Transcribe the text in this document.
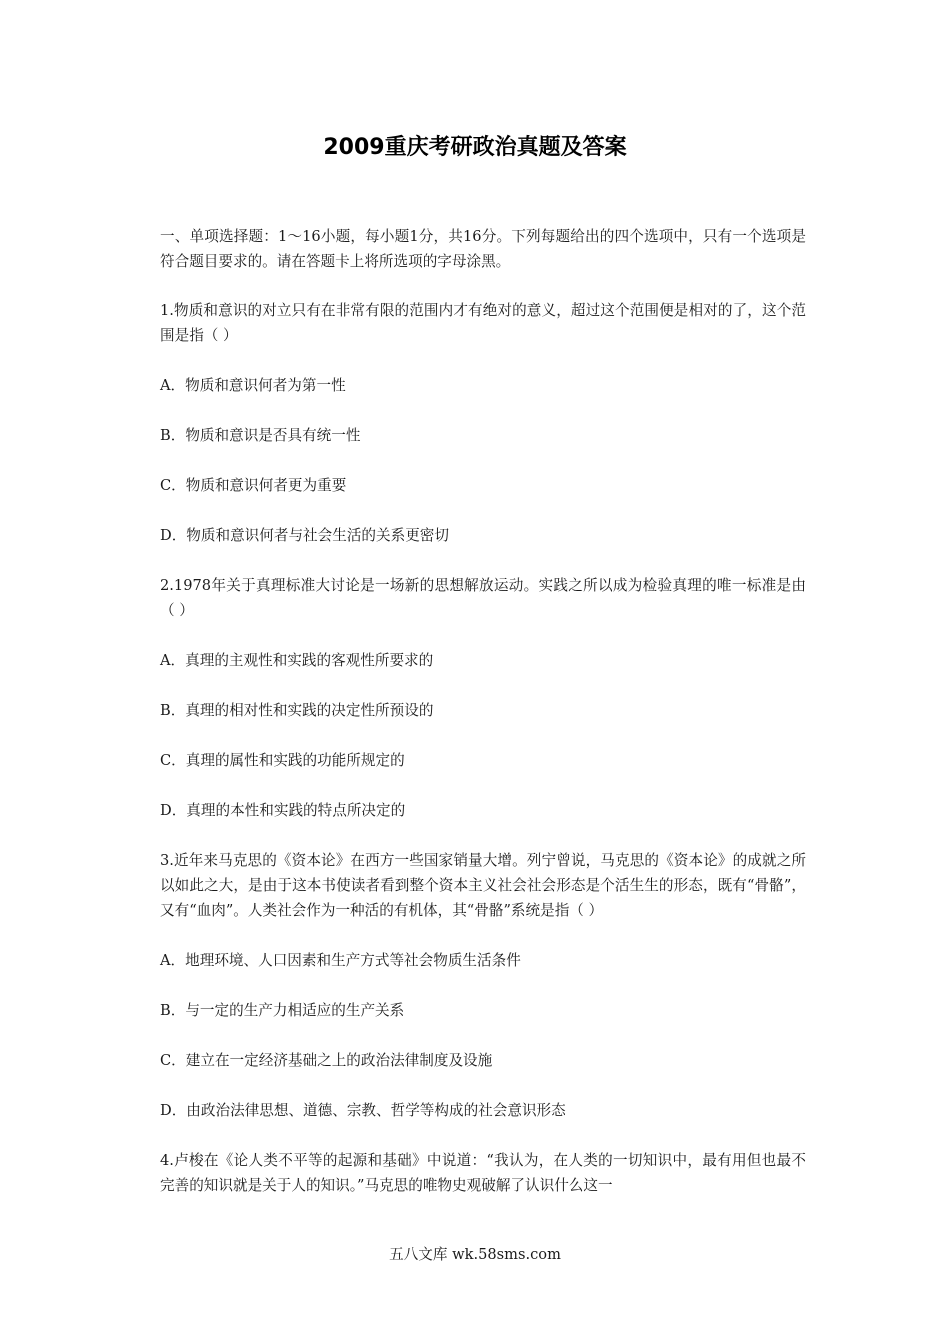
2009重庆考研政治真题及答案

一、单项选择题：1～16小题，每小题1分，共16分。下列每题给出的四个选项中，只有一个选项是符合题目要求的。请在答题卡上将所选项的字母涂黑。

1.物质和意识的对立只有在非常有限的范围内才有绝对的意义，超过这个范围便是相对的了，这个范围是指（ ）

A．物质和意识何者为第一性

B．物质和意识是否具有统一性

C．物质和意识何者更为重要

D．物质和意识何者与社会生活的关系更密切

2.1978年关于真理标准大讨论是一场新的思想解放运动。实践之所以成为检验真理的唯一标准是由（ ）

A．真理的主观性和实践的客观性所要求的

B．真理的相对性和实践的决定性所预设的

C．真理的属性和实践的功能所规定的

D．真理的本性和实践的特点所决定的

3.近年来马克思的《资本论》在西方一些国家销量大增。列宁曾说，马克思的《资本论》的成就之所以如此之大，是由于这本书使读者看到整个资本主义社会社会形态是个活生生的形态，既有“骨骼”，又有“血肉”。人类社会作为一种活的有机体，其“骨骼”系统是指（ ）

A．地理环境、人口因素和生产方式等社会物质生活条件

B．与一定的生产力相适应的生产关系

C．建立在一定经济基础之上的政治法律制度及设施

D．由政治法律思想、道德、宗教、哲学等构成的社会意识形态

4.卢梭在《论人类不平等的起源和基础》中说道：“我认为，在人类的一切知识中，最有用但也最不完善的知识就是关于人的知识。”马克思的唯物史观破解了认识什么这一

五八文库 wk.58sms.com
